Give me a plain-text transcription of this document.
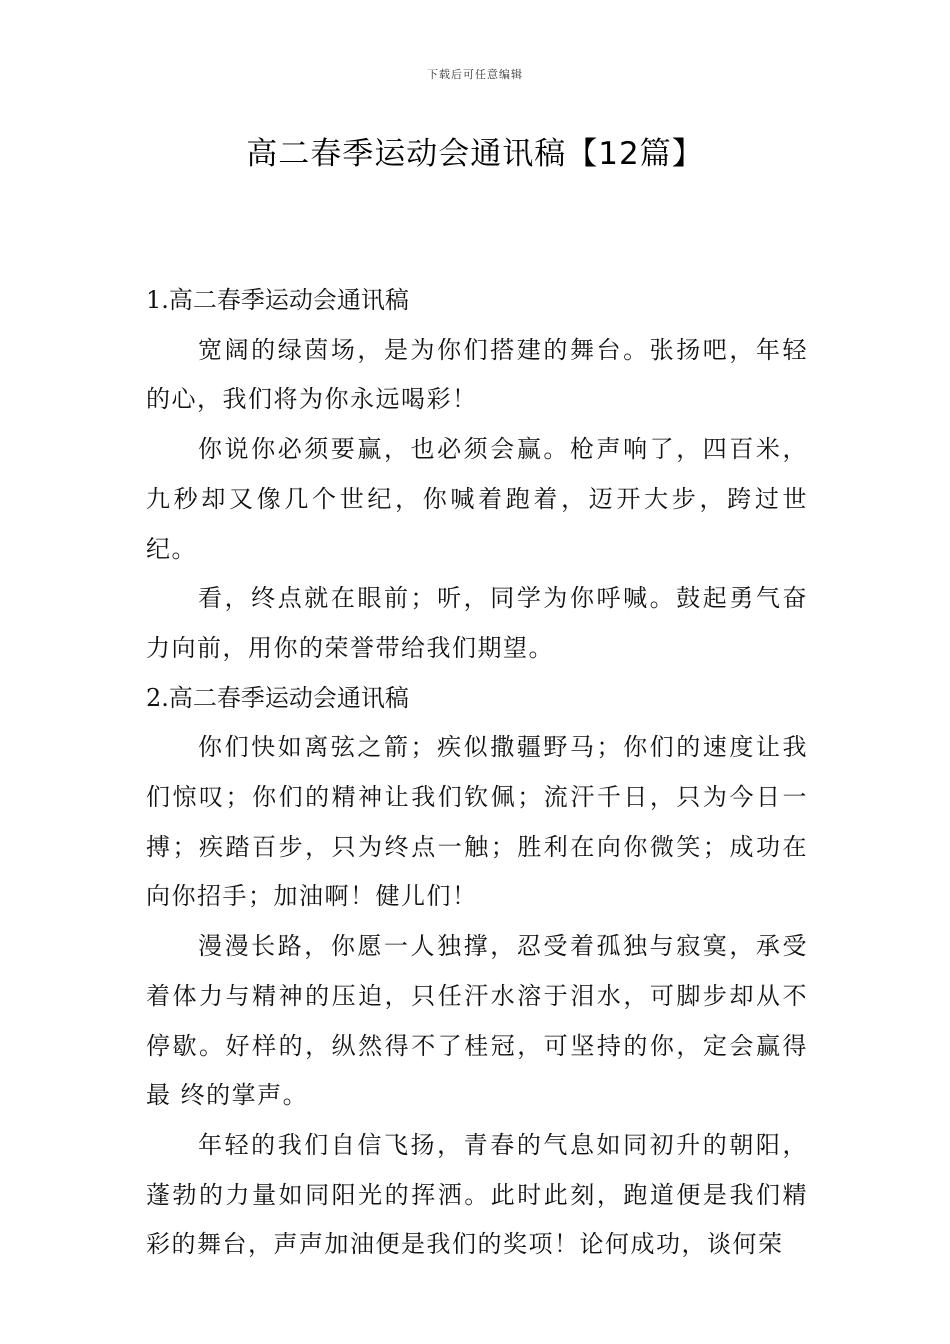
下载后可任意编辑
高二春季运动会通讯稿【12篇】
1.高二春季运动会通讯稿

宽阔的绿茵场，是为你们搭建的舞台。张扬吧，年轻的心，我们将为你永远喝彩！

你说你必须要赢，也必须会赢。枪声响了，四百米，九秒却又像几个世纪，你喊着跑着，迈开大步，跨过世纪。

看，终点就在眼前；听，同学为你呼喊。鼓起勇气奋力向前，用你的荣誉带给我们期望。

2.高二春季运动会通讯稿

你们快如离弦之箭；疾似撒疆野马；你们的速度让我们惊叹；你们的精神让我们钦佩；流汗千日，只为今日一搏；疾踏百步，只为终点一触；胜利在向你微笑；成功在向你招手；加油啊！健儿们！

漫漫长路，你愿一人独撑，忍受着孤独与寂寞，承受着体力与精神的压迫，只任汗水溶于泪水，可脚步却从不停歇。好样的，纵然得不了桂冠，可坚持的你，定会赢得最 终的掌声。

年轻的我们自信飞扬，青春的气息如同初升的朝阳，蓬勃的力量如同阳光的挥洒。此时此刻，跑道便是我们精彩的舞台，声声加油便是我们的奖项！论何成功，谈何荣
